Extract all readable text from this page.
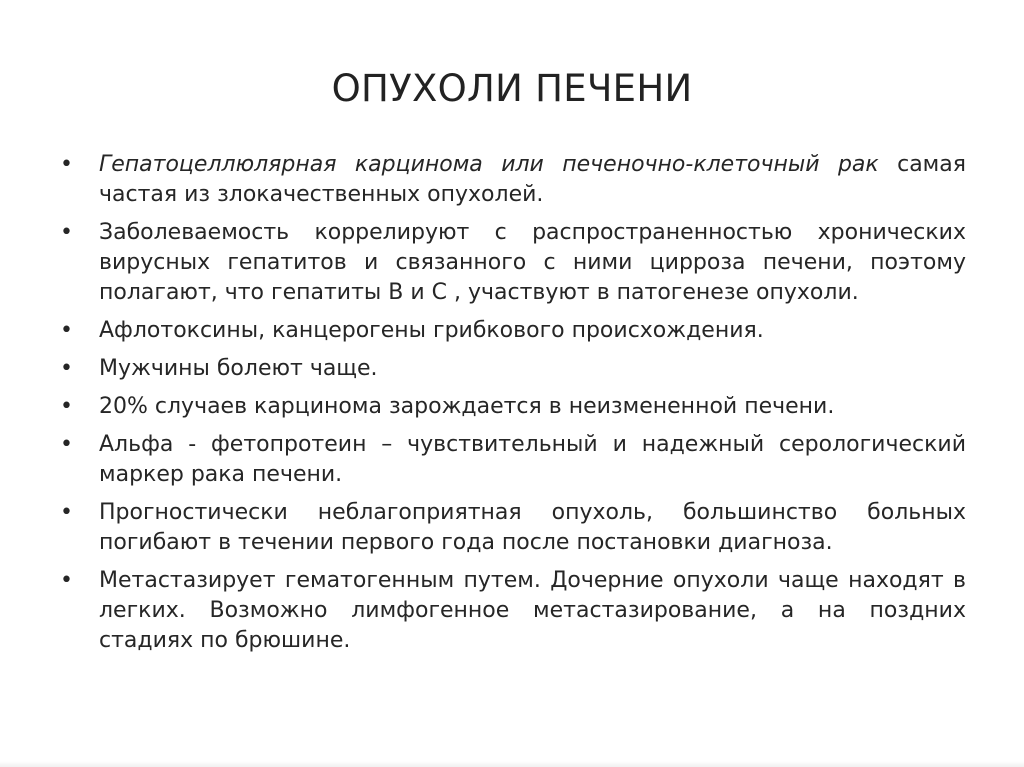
ОПУХОЛИ ПЕЧЕНИ
•	Гепатоцеллюлярная карцинома или печеночно-клеточный рак самая частая из злокачественных опухолей.
•	Заболеваемость коррелируют с распространенностью хронических вирусных гепатитов и связанного с ними цирроза печени, поэтому полагают, что гепатиты В и С , участвуют в патогенезе опухоли.
•	Афлотоксины, канцерогены грибкового происхождения.
•	Мужчины болеют чаще.
•	20% случаев карцинома зарождается в неизмененной печени.
•	Альфа - фетопротеин – чувствительный и надежный серологический маркер рака печени.
•	Прогностически неблагоприятная опухоль, большинство больных погибают в течении первого года после постановки диагноза.
•	Метастазирует гематогенным путем. Дочерние опухоли чаще находят в легких. Возможно лимфогенное метастазирование, а на поздних стадиях по брюшине.
